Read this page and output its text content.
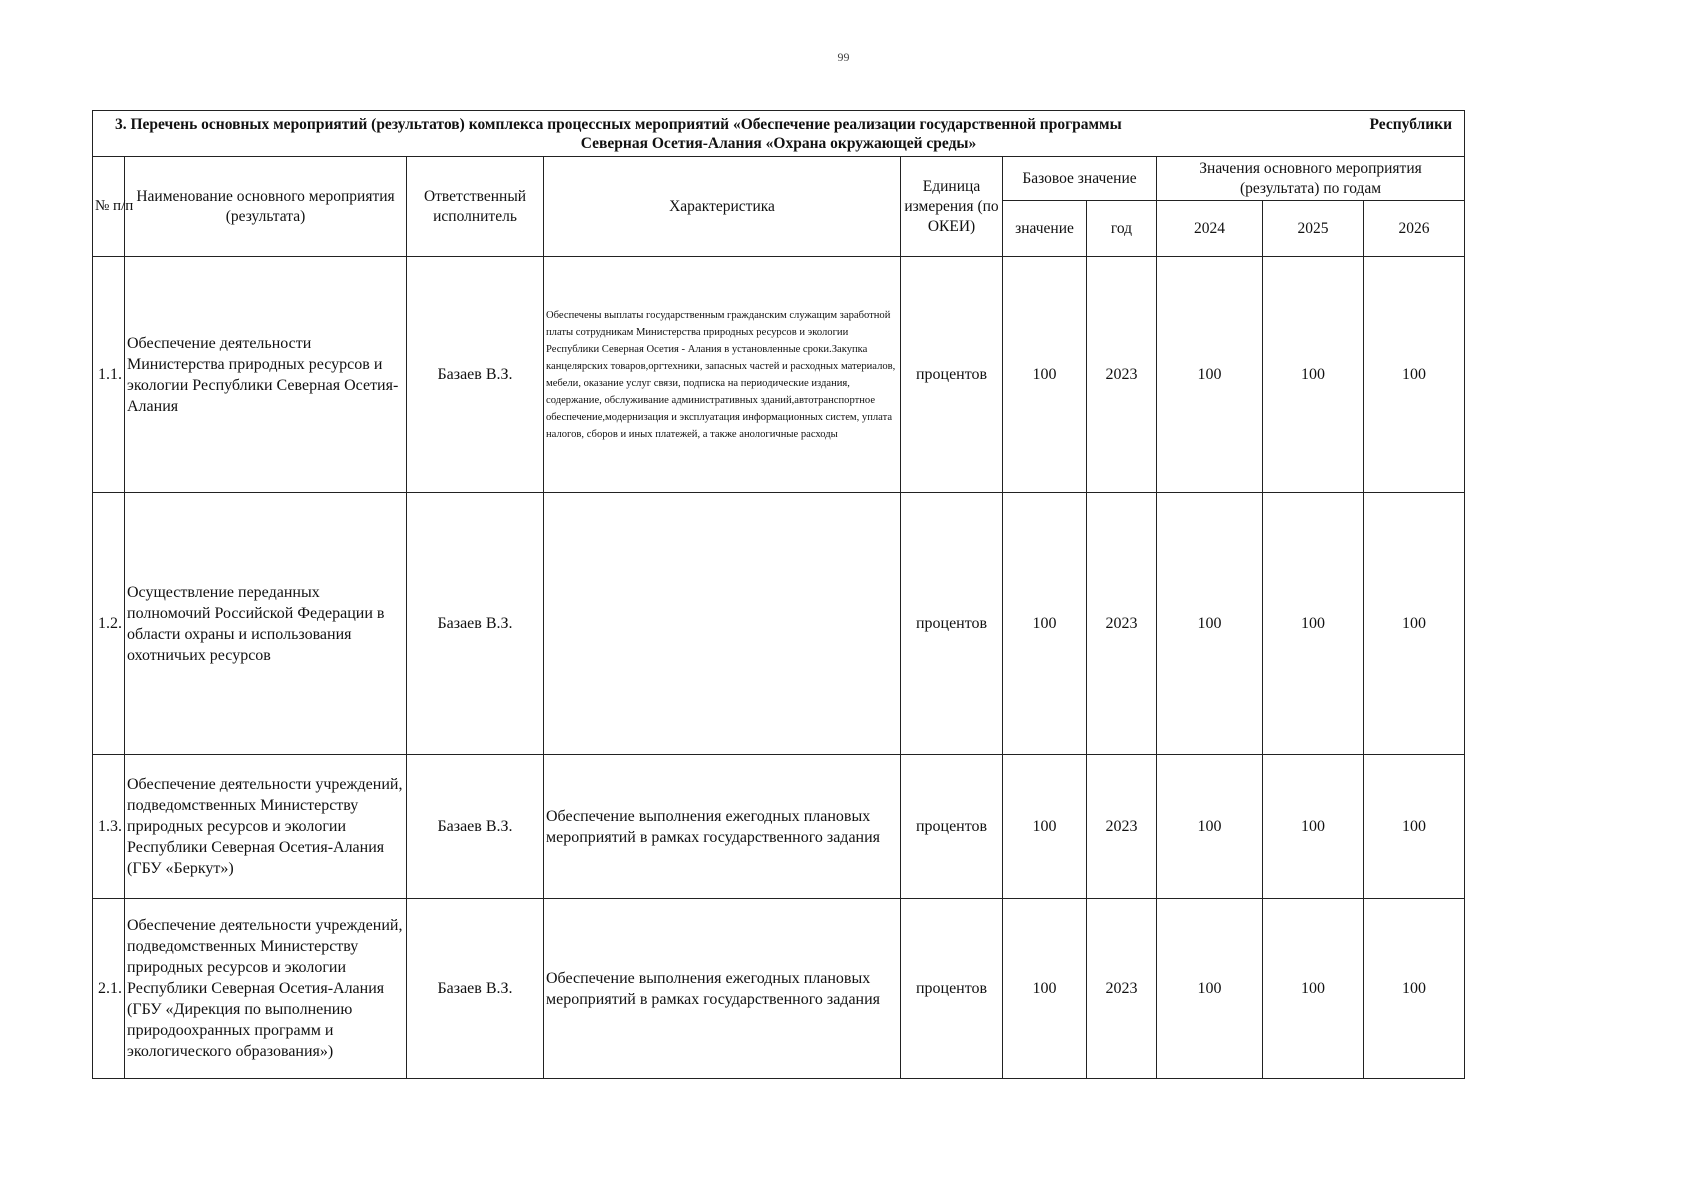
99
3. Перечень основных мероприятий (результатов) комплекса процессных мероприятий «Обеспечение реализации государственной программы Республики
Северная Осетия-Алания «Охрана окружающей среды»									

№ п/п	Наименование основного мероприятия (результата)	Ответственный исполнитель	Характеристика	Единица измерения (по ОКЕИ)	Базовое значение		Значения основного мероприятия (результата) по годам		
					значение	год	2024	2025	2026
1.1.	Обеспечение деятельности Министерства природных ресурсов и экологии Республики Северная Осетия-Алания	Базаев В.З.	Обеспечены выплаты государственным гражданским служащим заработной платы сотрудникам Министерства природных ресурсов и экологии Республики Северная Осетия - Алания в установленные сроки.Закупка канцелярских товаров,оргтехники, запасных частей и расходных материалов, мебели, оказание услуг связи, подписка на периодические издания, содержание, обслуживание административных зданий,автотранспортное обеспечение,модернизация и эксплуатация информационных систем, уплата налогов, сборов и иных платежей, а также анологичные расходы	процентов	100	2023	100	100	100
1.2.	Осуществление переданных полномочий Российской Федерации в области охраны и использования охотничьих ресурсов	Базаев В.З.		процентов	100	2023	100	100	100
1.3.	Обеспечение деятельности учреждений, подведомственных Министерству природных ресурсов и экологии Республики Северная Осетия-Алания (ГБУ «Беркут»)	Базаев В.З.	Обеспечение выполнения ежегодных плановых мероприятий в рамках государственного задания	процентов	100	2023	100	100	100
2.1.	Обеспечение деятельности учреждений, подведомственных Министерству природных ресурсов и экологии Республики Северная Осетия-Алания (ГБУ «Дирекция по выполнению природоохранных программ и экологического образования»)	Базаев В.З.	Обеспечение выполнения ежегодных плановых мероприятий в рамках государственного задания	процентов	100	2023	100	100	100
